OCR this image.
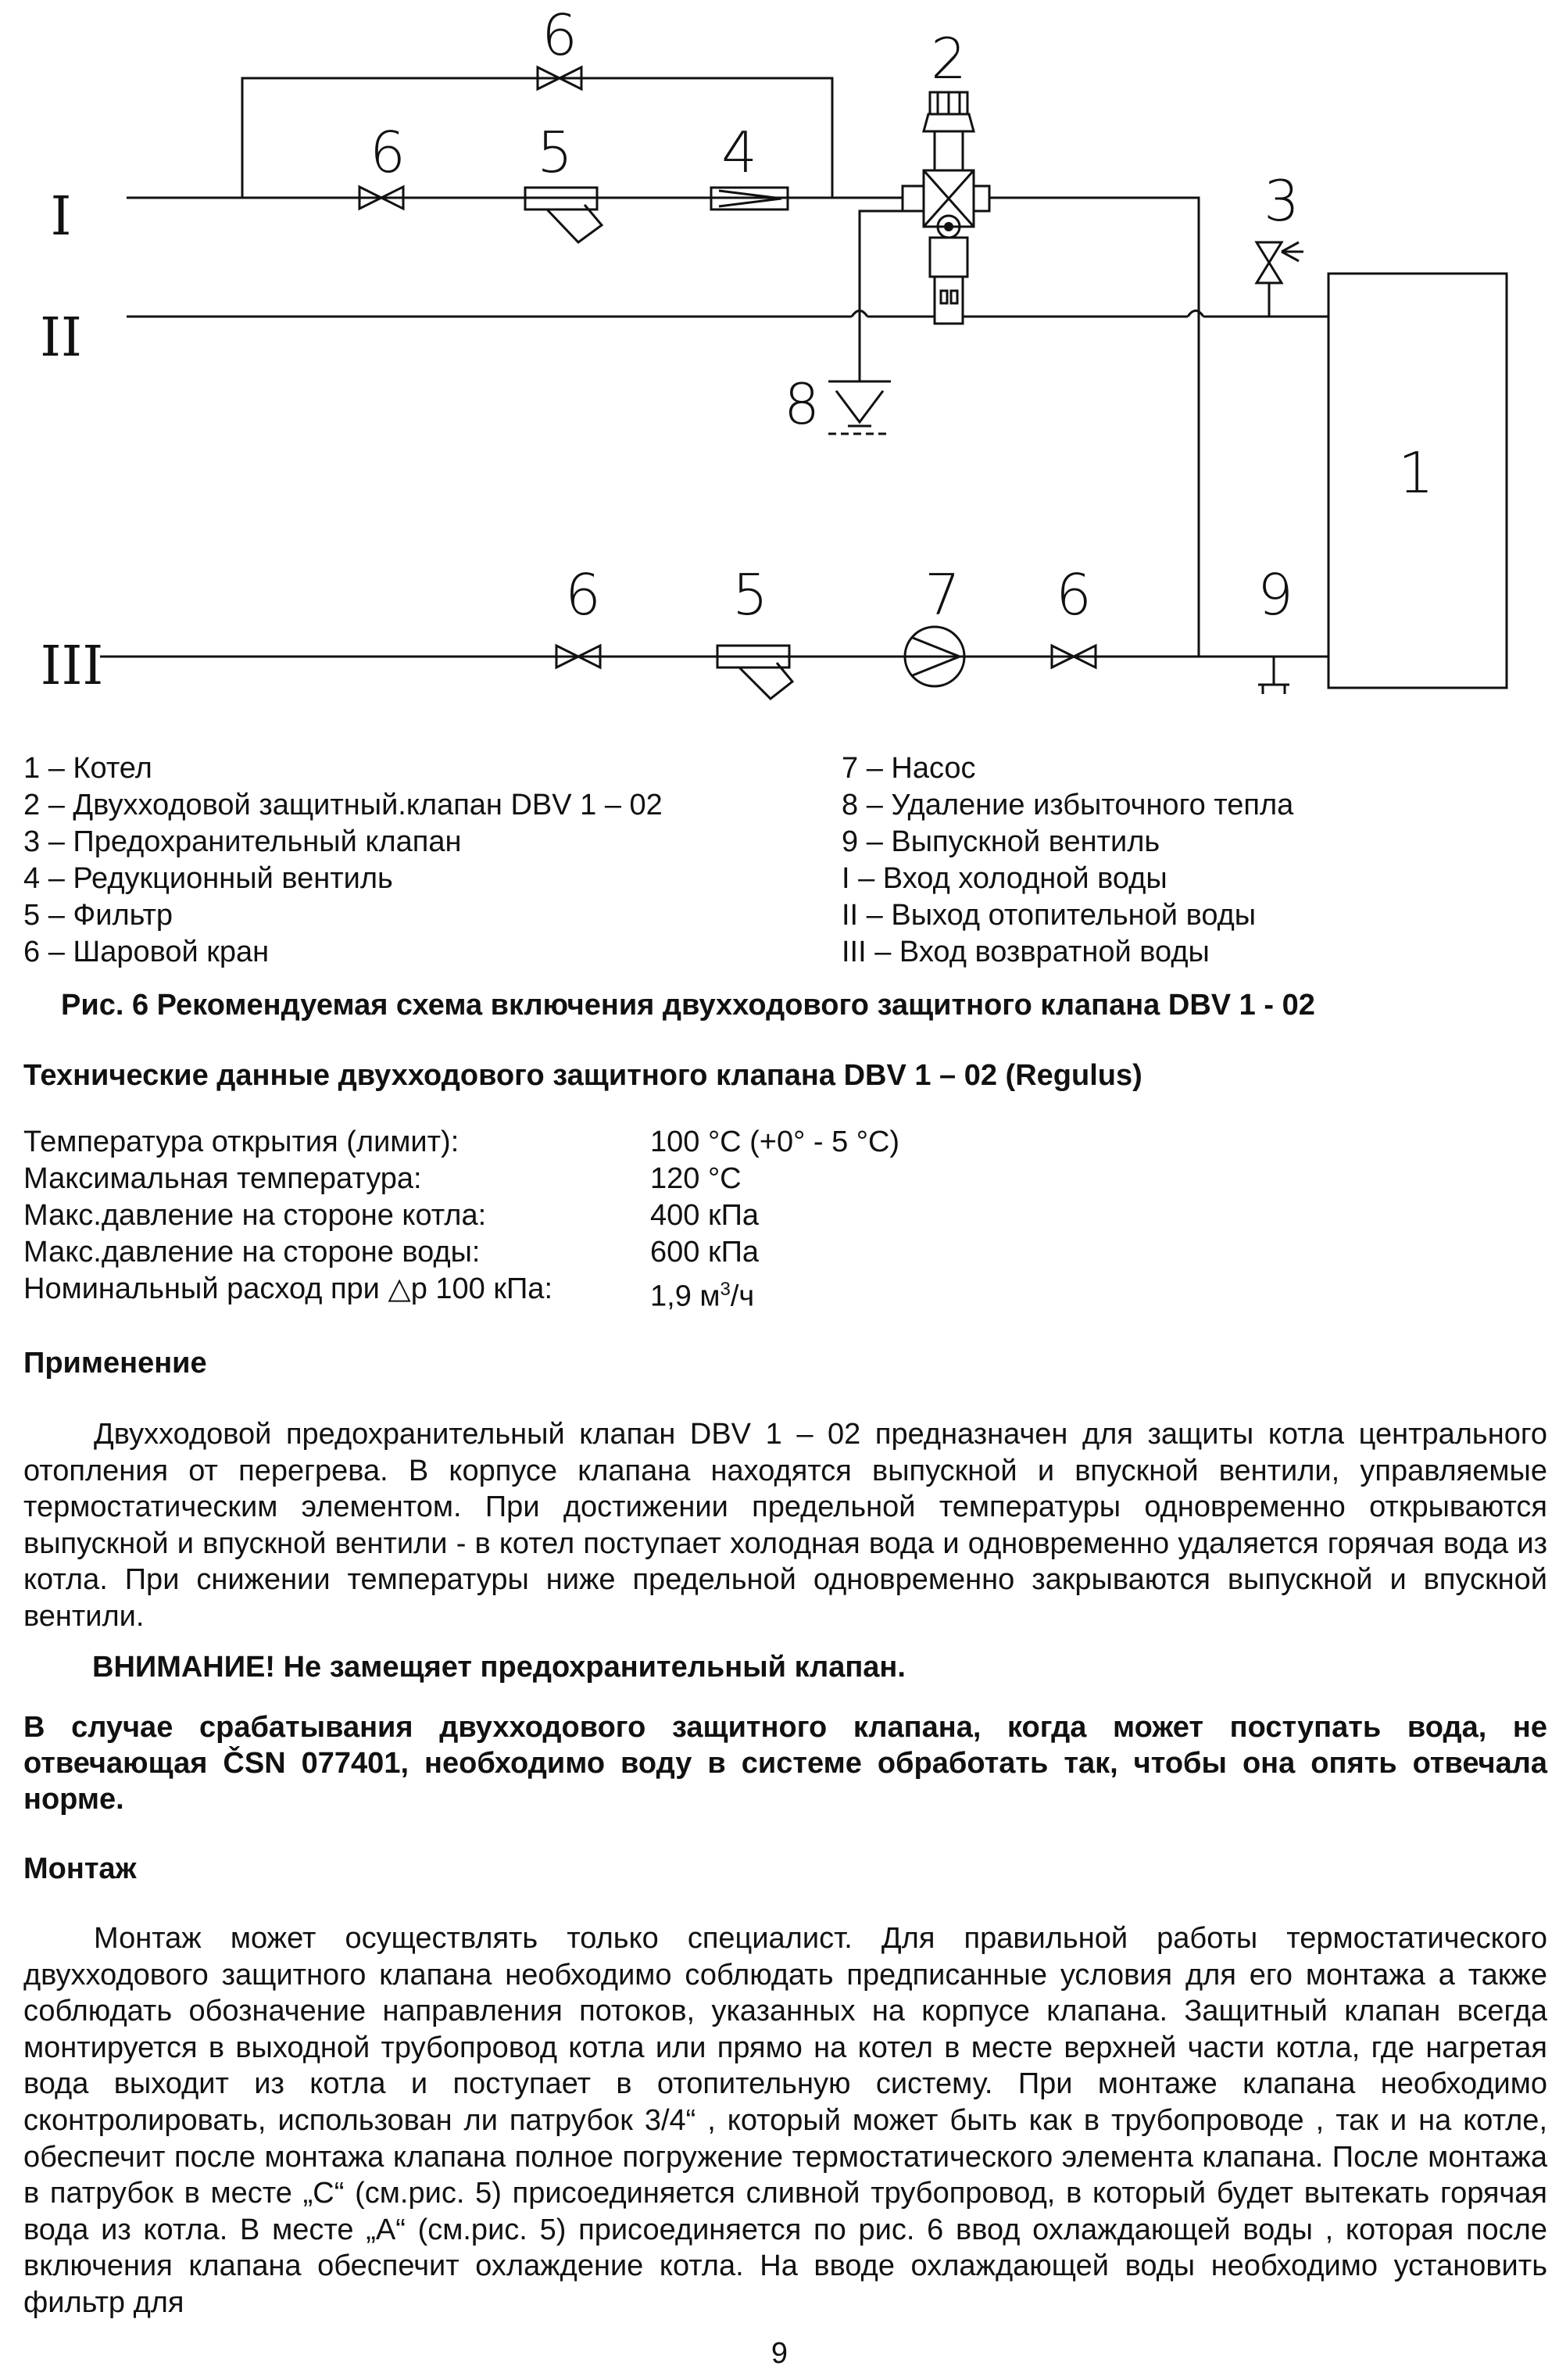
I
II
III
6	2
6 5	4
3
8
1
6 5	7 6	9
1 – Котел
2 – Двухходовой защитный.клапан DBV 1 – 02
3 – Предохранительный клапан
4 – Редукционный вентиль
5 – Фильтр
6 – Шаровой кран
7 – Насос
8 – Удаление избыточного тепла
9 – Выпускной вентиль
I – Вход холодной воды
II – Выход отопительной воды
III – Вход возвратной воды
Рис. 6 Рекомендуемая схема включения двухходового защитного клапана DBV 1 - 02
Технические данные двухходового защитного клапана DBV 1 – 02 (Regulus)
Температура открытия (лимит):	100 °C (+0° - 5 °C)
Максимальная температура:	120 °C
Макс.давление на стороне котла:	400 кПа
Макс.давление на стороне воды:	600 кПа
Номинальный расход при △p 100 кПа:	1,9 $м^3/ч$
Применение

Двухходовой предохранительный клапан DBV 1 – 02 предназначен для защиты котла центрального отопления от перегрева. В корпусе клапана находятся выпускной и впускной вентили, управляемые термостатическим элементом. При достижении предельной температуры одновременно открываются выпускной и впускной вентили - в котел поступает холодная вода и одновременно удаляется горячая вода из котла. При снижении температуры ниже предельной одновременно закрываются выпускной и впускной вентили.

ВНИМАНИЕ! Не замещяет предохранительный клапан.

В случае срабатывания двухходового защитного клапана, когда может поступать вода, не отвечающая ČSN 077401, необходимо воду в системе обработать так, чтобы она опять отвечала норме.

Монтаж

Монтаж может осуществлять только специалист. Для правильной работы термостатического двухходового защитного клапана необходимо соблюдать предписанные условия для его монтажа а также соблюдать обозначение направления потоков, указанных на корпусе клапана. Защитный клапан всегда монтируется в выходной трубопровод котла или прямо на котел в месте верхней части котла, где нагретая вода выходит из котла и поступает в отопительную систему. При монтаже клапана необходимо сконтролировать, использован ли патрубок 3/4“ , который может быть как в трубопроводе , так и на котле, обеспечит после монтажа клапана полное погружение термостатического элемента клапана. После монтажа в патрубок в месте „C“ (см.рис. 5) присоединяется сливной трубопровод, в который будет вытекать горячая вода из котла. В месте „A“ (см.рис. 5) присоединяется по рис. 6 ввод охлаждающей воды , которая после включения клапана обеспечит охлаждение котла. На вводе охлаждающей воды необходимо установить фильтр для

9
